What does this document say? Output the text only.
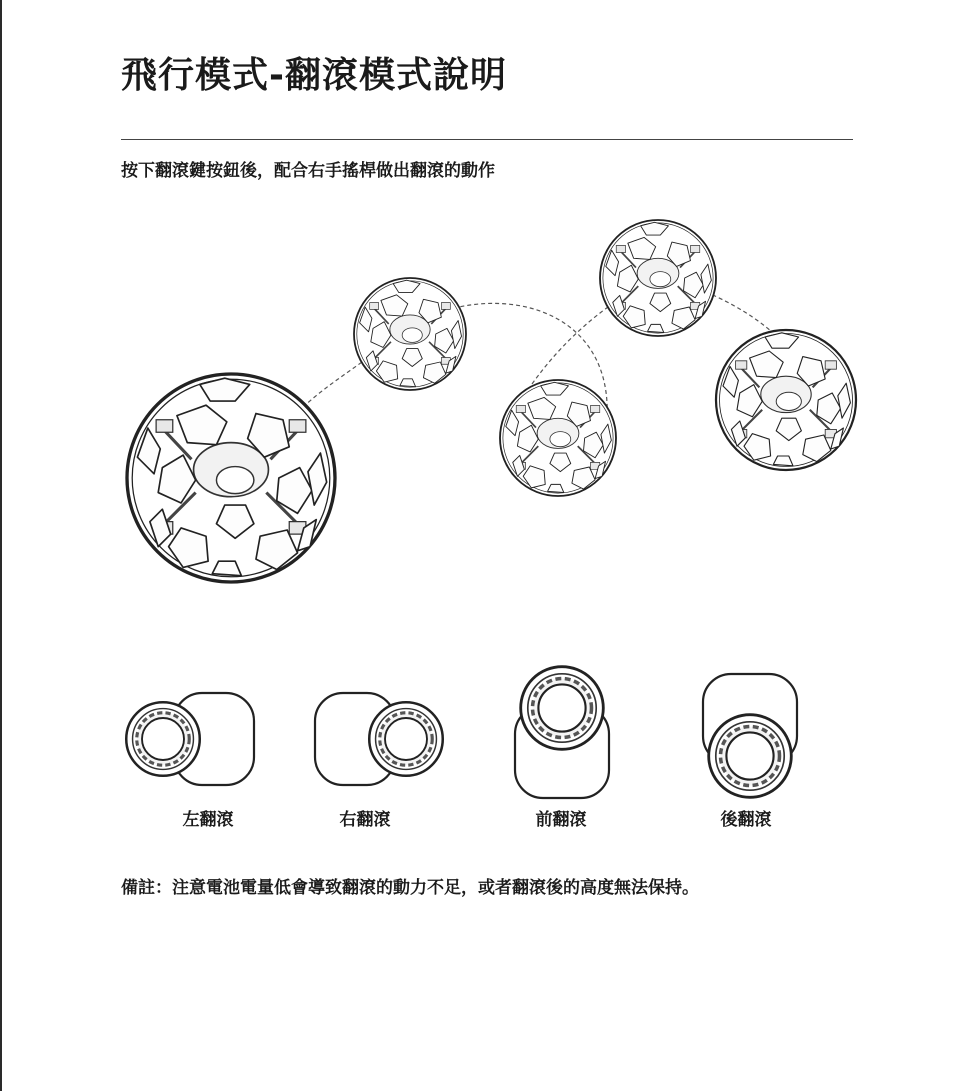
飛行模式-翻滾模式說明
按下翻滾鍵按鈕後，配合右手搖桿做出翻滾的動作
左翻滾	右翻滾	前翻滾	後翻滾
備註：注意電池電量低會導致翻滾的動力不足，或者翻滾後的高度無法保持。
